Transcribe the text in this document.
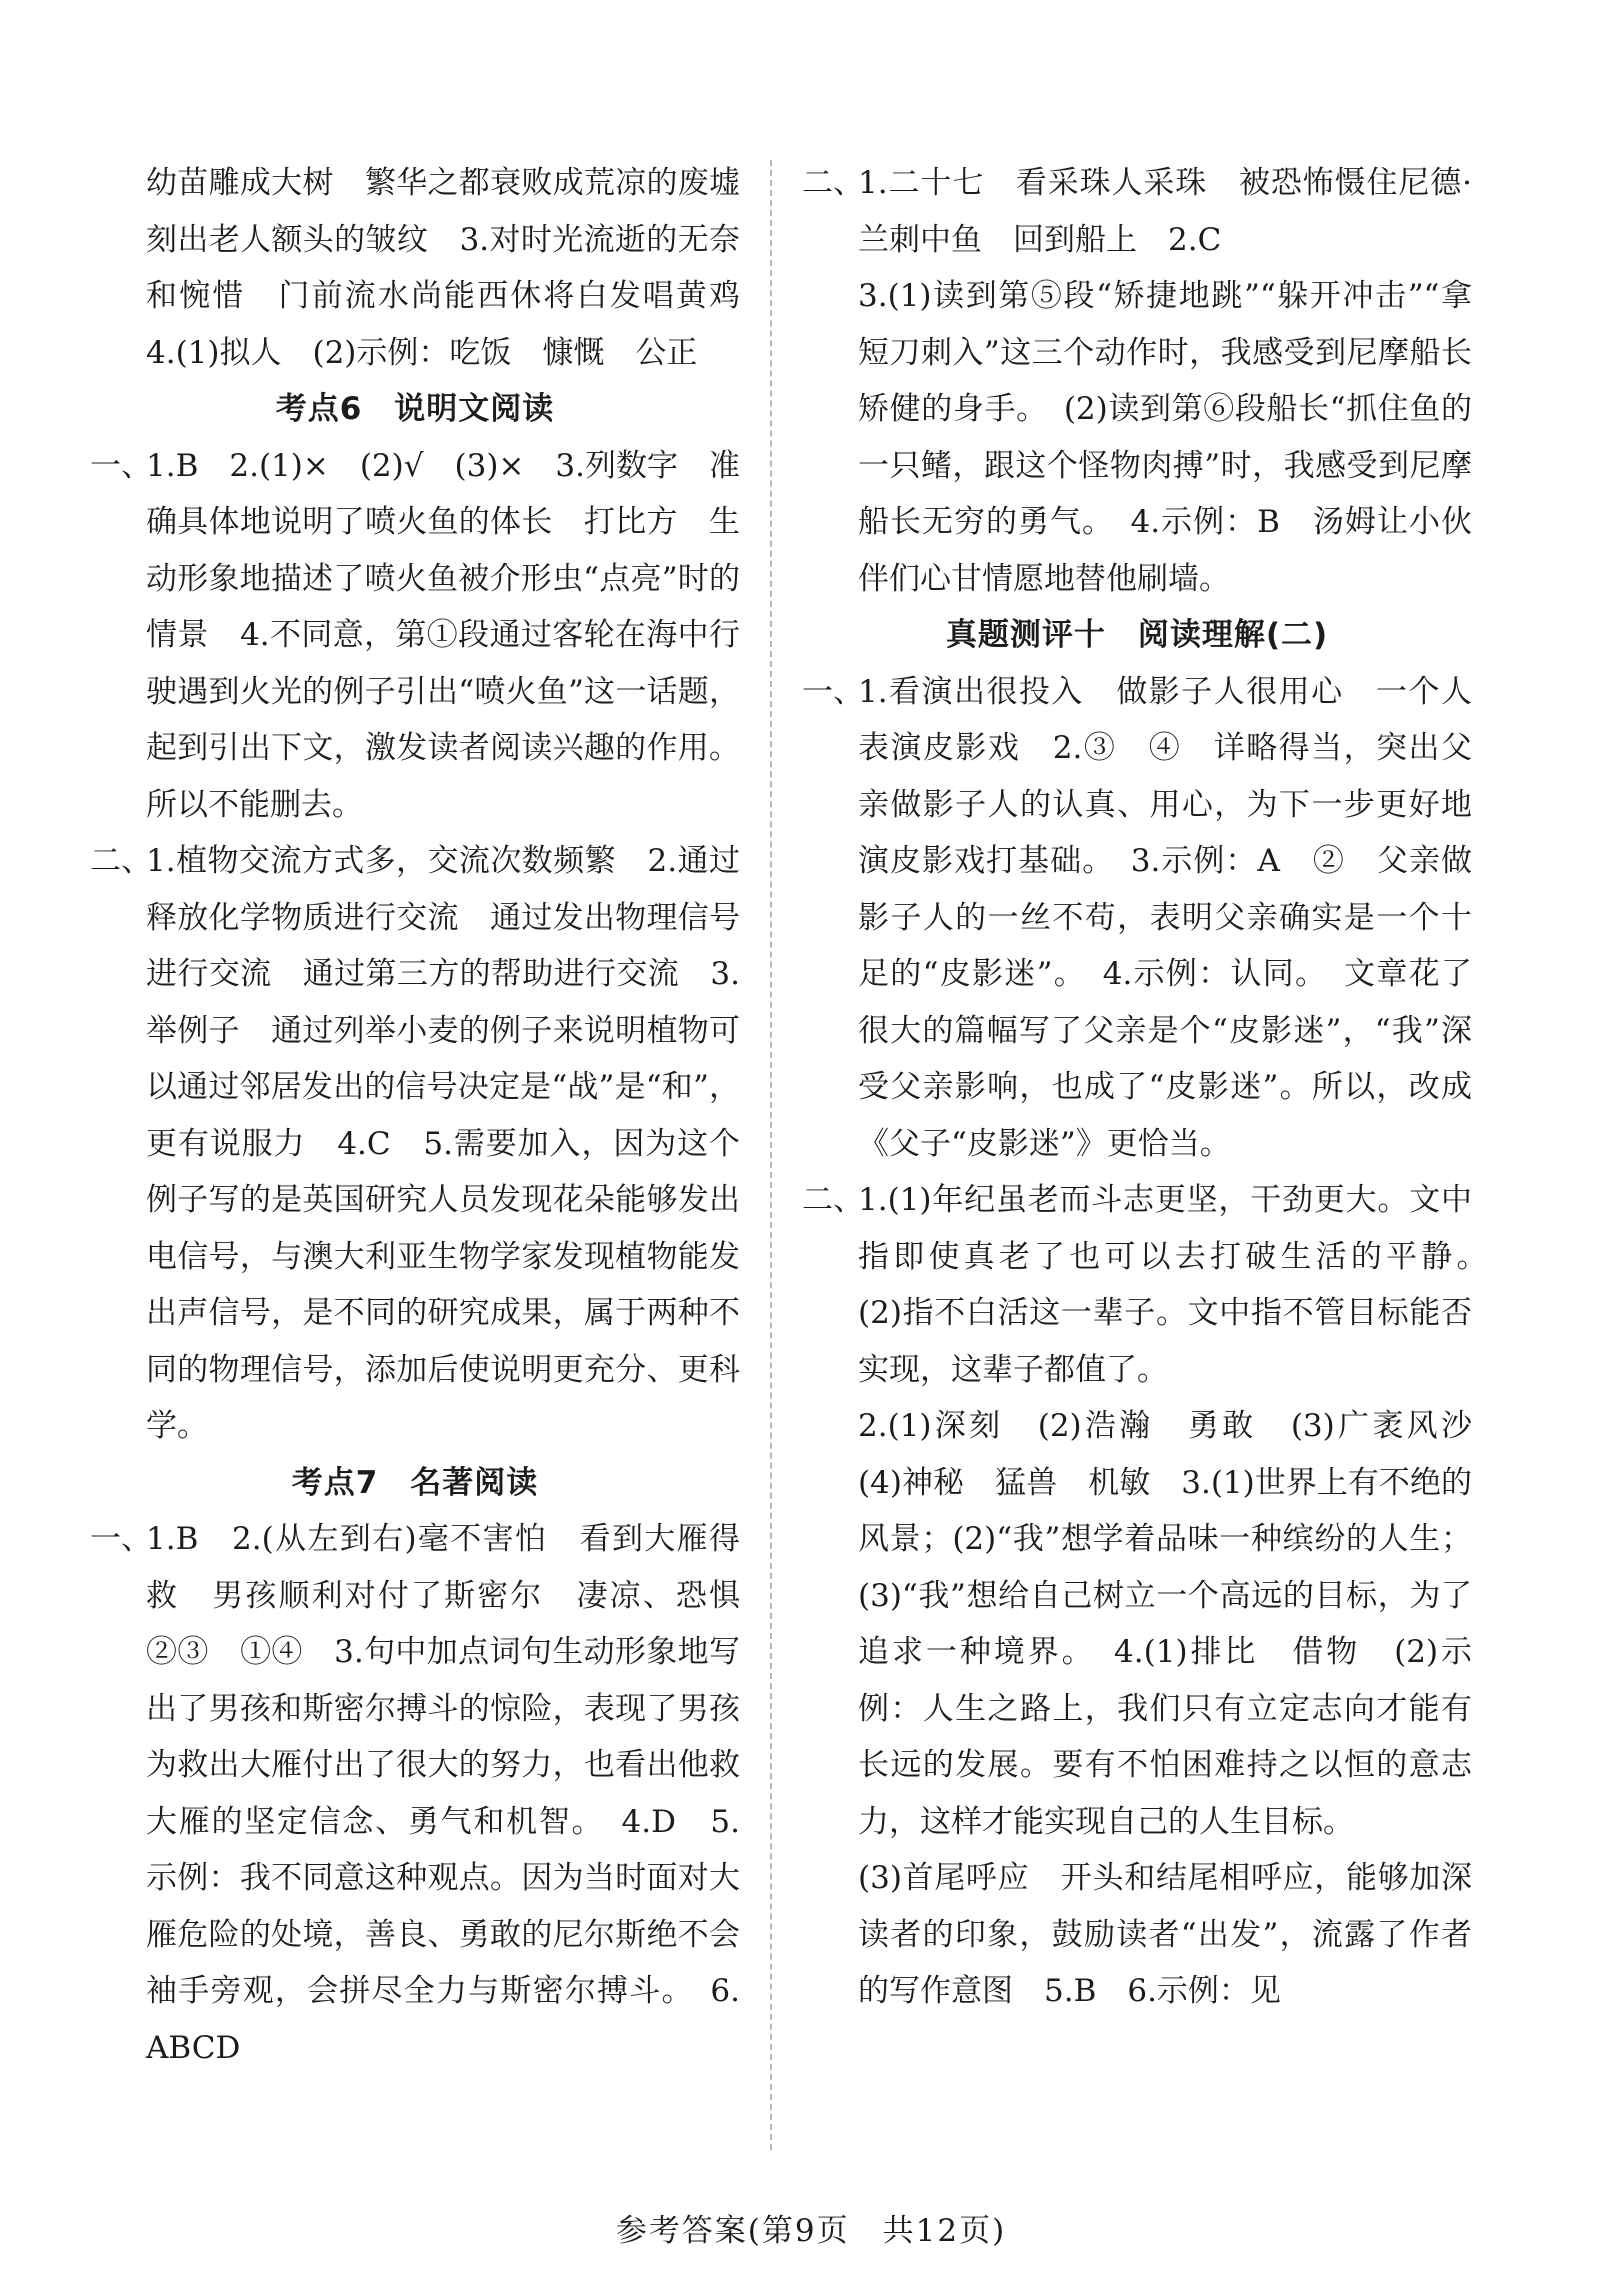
幼苗雕成大树　繁华之都衰败成荒凉的废墟　刻出老人额头的皱纹　3.对时光流逝的无奈和惋惜　门前流水尚能西休将白发唱黄鸡　4.(1)拟人　(2)示例：吃饭　慷慨　公正

考点6　说明文阅读

一、1.B　2.(1)×　(2)√　(3)×　3.列数字　准确具体地说明了喷火鱼的体长　打比方　生动形象地描述了喷火鱼被介形虫“点亮”时的情景　4.不同意，第①段通过客轮在海中行驶遇到火光的例子引出“喷火鱼”这一话题，起到引出下文，激发读者阅读兴趣的作用。所以不能删去。

二、1.植物交流方式多，交流次数频繁　2.通过释放化学物质进行交流　通过发出物理信号进行交流　通过第三方的帮助进行交流　3.举例子　通过列举小麦的例子来说明植物可以通过邻居发出的信号决定是“战”是“和”，更有说服力　4.C　5.需要加入，因为这个例子写的是英国研究人员发现花朵能够发出电信号，与澳大利亚生物学家发现植物能发出声信号，是不同的研究成果，属于两种不同的物理信号，添加后使说明更充分、更科学。

考点7　名著阅读

一、1.B　2.(从左到右)毫不害怕　看到大雁得救　男孩顺利对付了斯密尔　凄凉、恐惧　②③　①④　3.句中加点词句生动形象地写出了男孩和斯密尔搏斗的惊险，表现了男孩为救出大雁付出了很大的努力，也看出他救大雁的坚定信念、勇气和机智。　4.D　5.示例：我不同意这种观点。因为当时面对大雁危险的处境，善良、勇敢的尼尔斯绝不会袖手旁观，会拼尽全力与斯密尔搏斗。　6.ABCD

二、1.二十七　看采珠人采珠　被恐怖慑住尼德·兰刺中鱼　回到船上　2.C

3.(1)读到第⑤段“矫捷地跳”“躲开冲击”“拿短刀刺入”这三个动作时，我感受到尼摩船长矫健的身手。　(2)读到第⑥段船长“抓住鱼的一只鳍，跟这个怪物肉搏”时，我感受到尼摩船长无穷的勇气。　4.示例：B　汤姆让小伙伴们心甘情愿地替他刷墙。

真题测评十　阅读理解(二)

一、1.看演出很投入　做影子人很用心　一个人表演皮影戏　2.③　④　详略得当，突出父亲做影子人的认真、用心，为下一步更好地演皮影戏打基础。　3.示例：A　②　父亲做影子人的一丝不苟，表明父亲确实是一个十足的“皮影迷”。　4.示例：认同。　文章花了很大的篇幅写了父亲是个“皮影迷”，“我”深受父亲影响，也成了“皮影迷”。所以，改成《父子“皮影迷”》更恰当。

二、1.(1)年纪虽老而斗志更坚，干劲更大。文中指即使真老了也可以去打破生活的平静。　(2)指不白活这一辈子。文中指不管目标能否实现，这辈子都值了。

2.(1)深刻　(2)浩瀚　勇敢　(3)广袤风沙　(4)神秘　猛兽　机敏　3.(1)世界上有不绝的风景；(2)“我”想学着品味一种缤纷的人生；(3)“我”想给自己树立一个高远的目标，为了追求一种境界。　4.(1)排比　借物　(2)示例：人生之路上，我们只有立定志向才能有长远的发展。要有不怕困难持之以恒的意志力，这样才能实现自己的人生目标。

(3)首尾呼应　开头和结尾相呼应，能够加深读者的印象，鼓励读者“出发”，流露了作者的写作意图　5.B　6.示例：见

参考答案(第9页　共12页)
